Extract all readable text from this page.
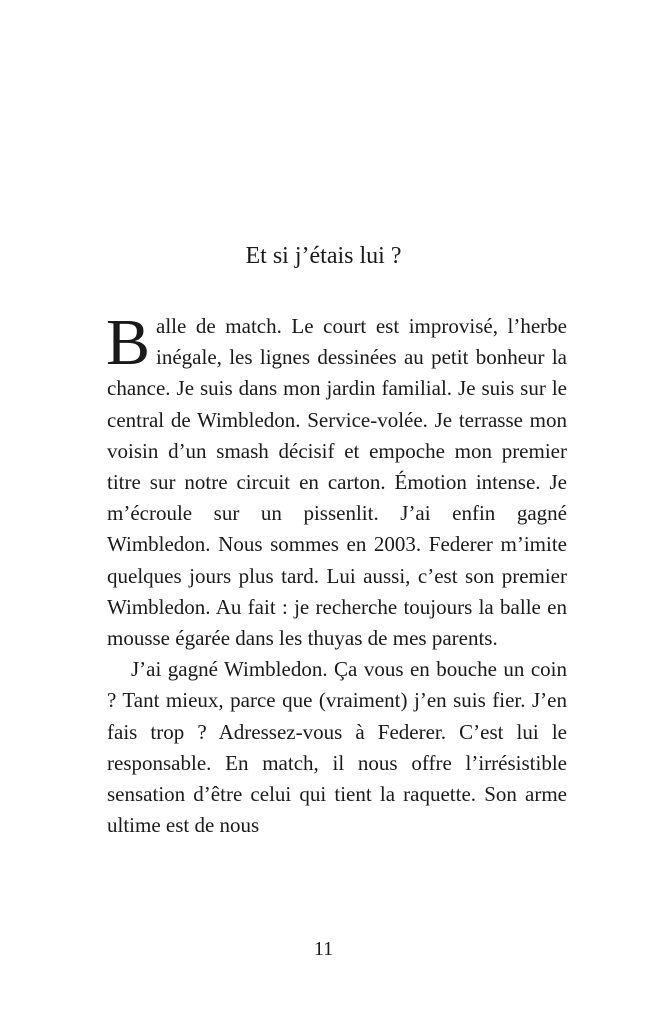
Et si j’étais lui ?

Balle de match. Le court est improvisé, l’herbe inégale, les lignes dessinées au petit bonheur la chance. Je suis dans mon jardin familial. Je suis sur le central de Wimbledon. Service-volée. Je terrasse mon voisin d’un smash décisif et empoche mon premier titre sur notre circuit en carton. Émotion intense. Je m’écroule sur un pissenlit. J’ai enfin gagné Wimbledon. Nous sommes en 2003. Federer m’imite quelques jours plus tard. Lui aussi, c’est son premier Wimbledon. Au fait : je recherche toujours la balle en mousse égarée dans les thuyas de mes parents.

J’ai gagné Wimbledon. Ça vous en bouche un coin ? Tant mieux, parce que (vraiment) j’en suis fier. J’en fais trop ? Adressez-vous à Federer. C’est lui le responsable. En match, il nous offre l’irrésistible sensation d’être celui qui tient la raquette. Son arme ultime est de nous

11
